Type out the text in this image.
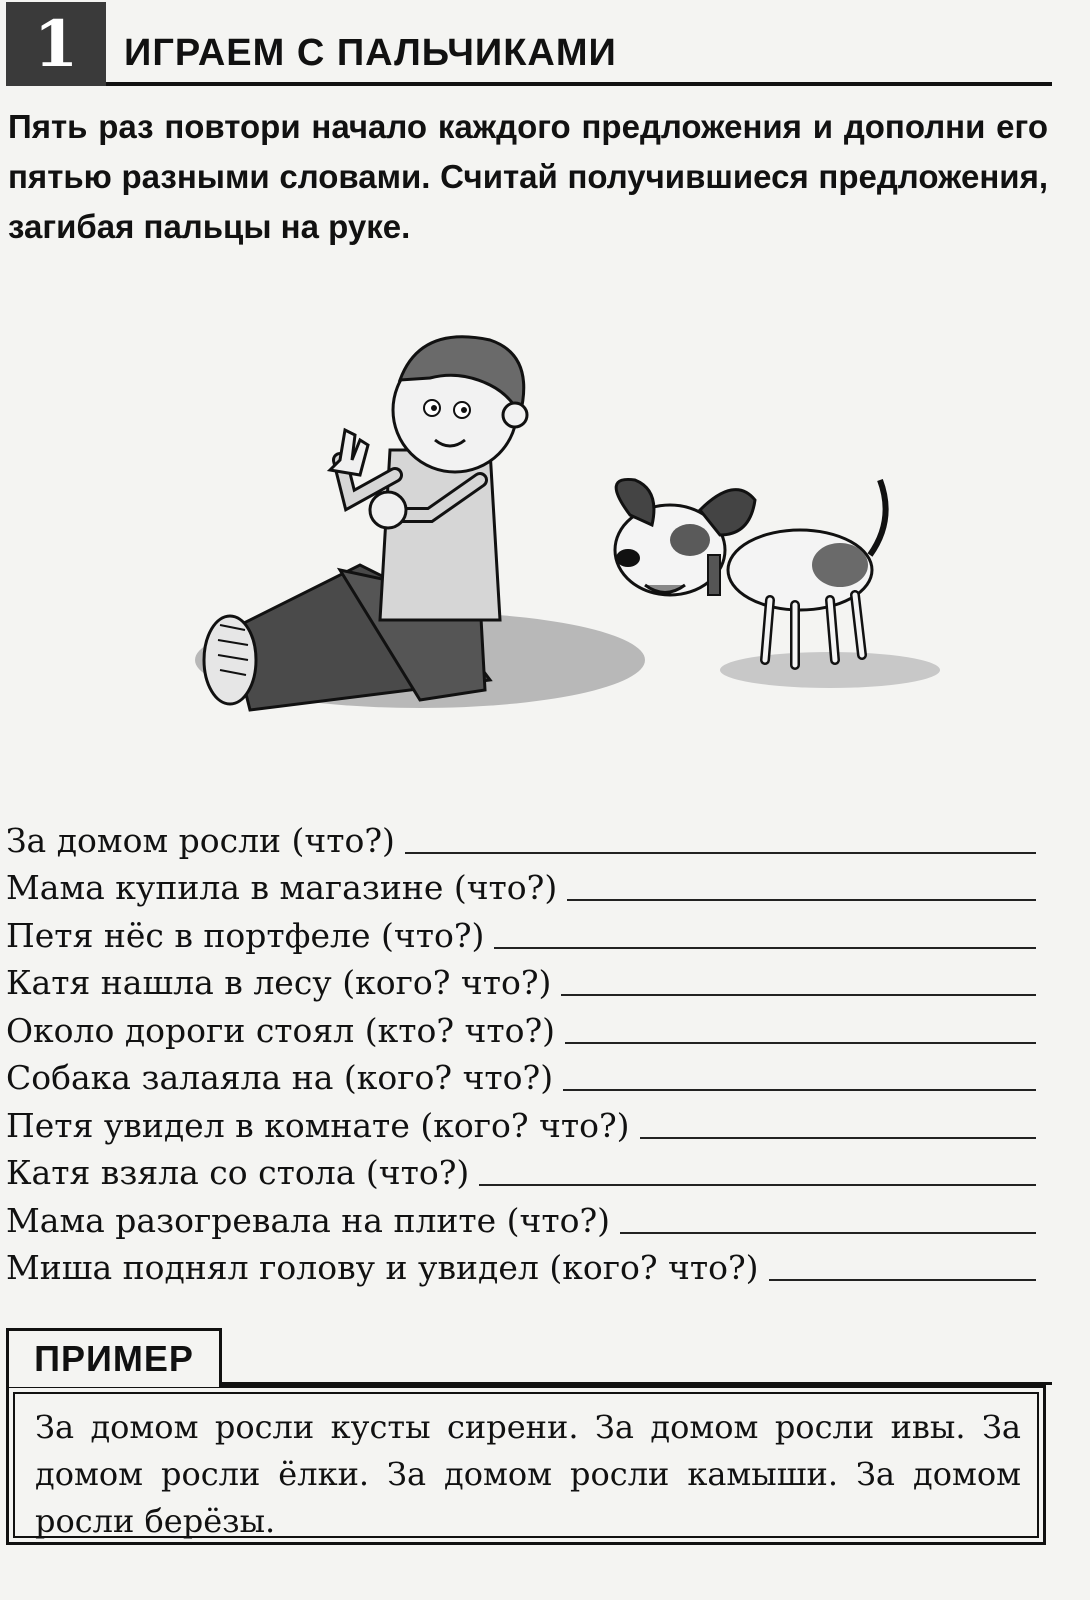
1	ИГРАЕМ С ПАЛЬЧИКАМИ
Пять раз повтори начало каждого предложения и дополни его пятью разными словами. Считай получившиеся предложения, загибая пальцы на руке.
За домом росли (что?)
Мама купила в магазине (что?)
Петя нёс в портфеле (что?)
Катя нашла в лесу (кого? что?)
Около дороги стоял (кто? что?)
Собака залаяла на (кого? что?)
Петя увидел в комнате (кого? что?)
Катя взяла со стола (что?)
Мама разогревала на плите (что?)
Миша поднял голову и увидел (кого? что?)
ПРИМЕР
За домом росли кусты сирени. За домом росли ивы. За домом росли ёлки. За домом росли камыши. За домом росли берёзы.
